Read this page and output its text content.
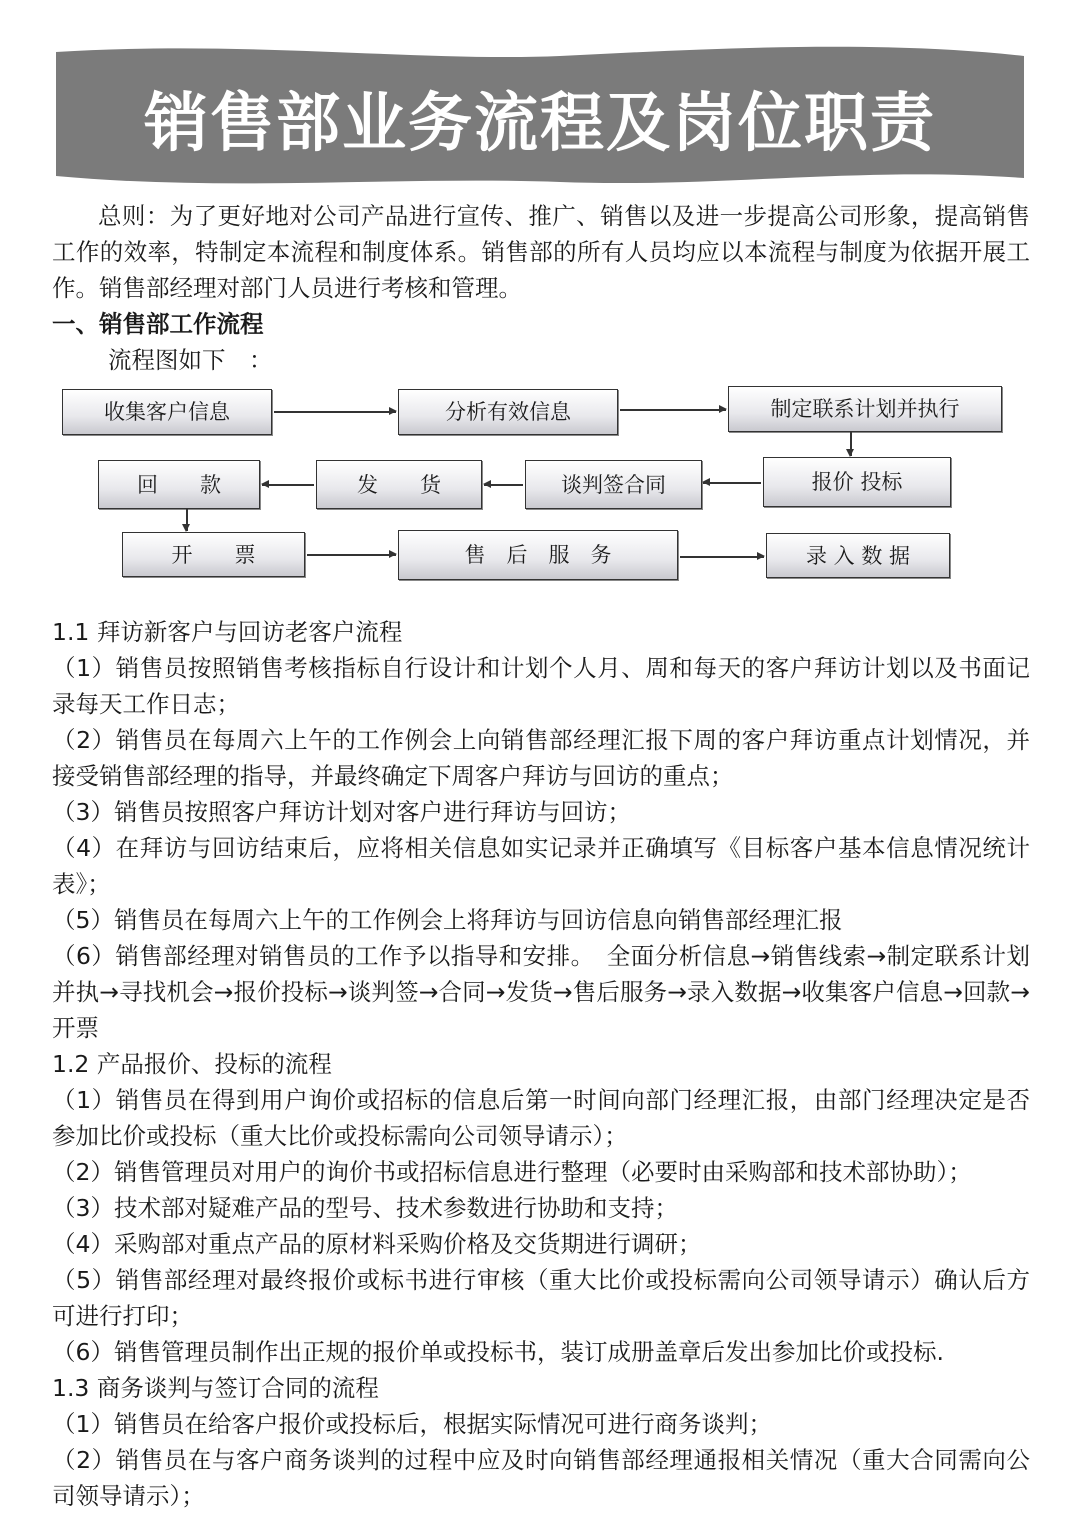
销售部业务流程及岗位职责

总则：为了更好地对公司产品进行宣传、推广、销售以及进一步提高公司形象，提高销售工作的效率，特制定本流程和制度体系。销售部的所有人员均应以本流程与制度为依据开展工作。销售部经理对部门人员进行考核和管理。

一、销售部工作流程

流程图如下　：

收集客户信息	分析有效信息	制定联系计划并执行
报价 投标
谈判签合同
发　　货
回　　款
开　　票	售　后　服　务	录 入 数 据

1.1 拜访新客户与回访老客户流程

（1）销售员按照销售考核指标自行设计和计划个人月、周和每天的客户拜访计划以及书面记录每天工作日志；

（2）销售员在每周六上午的工作例会上向销售部经理汇报下周的客户拜访重点计划情况，并接受销售部经理的指导，并最终确定下周客户拜访与回访的重点；

（3）销售员按照客户拜访计划对客户进行拜访与回访；

（4）在拜访与回访结束后，应将相关信息如实记录并正确填写《目标客户基本信息情况统计表》；

（5）销售员在每周六上午的工作例会上将拜访与回访信息向销售部经理汇报

（6）销售部经理对销售员的工作予以指导和安排。　全面分析信息→销售线索→制定联系计划并执→寻找机会→报价投标→谈判签→合同→发货→售后服务→录入数据→收集客户信息→回款→开票

1.2 产品报价、投标的流程

（1）销售员在得到用户询价或招标的信息后第一时间向部门经理汇报，由部门经理决定是否参加比价或投标（重大比价或投标需向公司领导请示）；

（2）销售管理员对用户的询价书或招标信息进行整理（必要时由采购部和技术部协助）；

（3）技术部对疑难产品的型号、技术参数进行协助和支持；

（4）采购部对重点产品的原材料采购价格及交货期进行调研；

（5）销售部经理对最终报价或标书进行审核（重大比价或投标需向公司领导请示）确认后方可进行打印；

（6）销售管理员制作出正规的报价单或投标书，装订成册盖章后发出参加比价或投标.

1.3 商务谈判与签订合同的流程

（1）销售员在给客户报价或投标后，根据实际情况可进行商务谈判；

（2）销售员在与客户商务谈判的过程中应及时向销售部经理通报相关情况（重大合同需向公司领导请示）；
